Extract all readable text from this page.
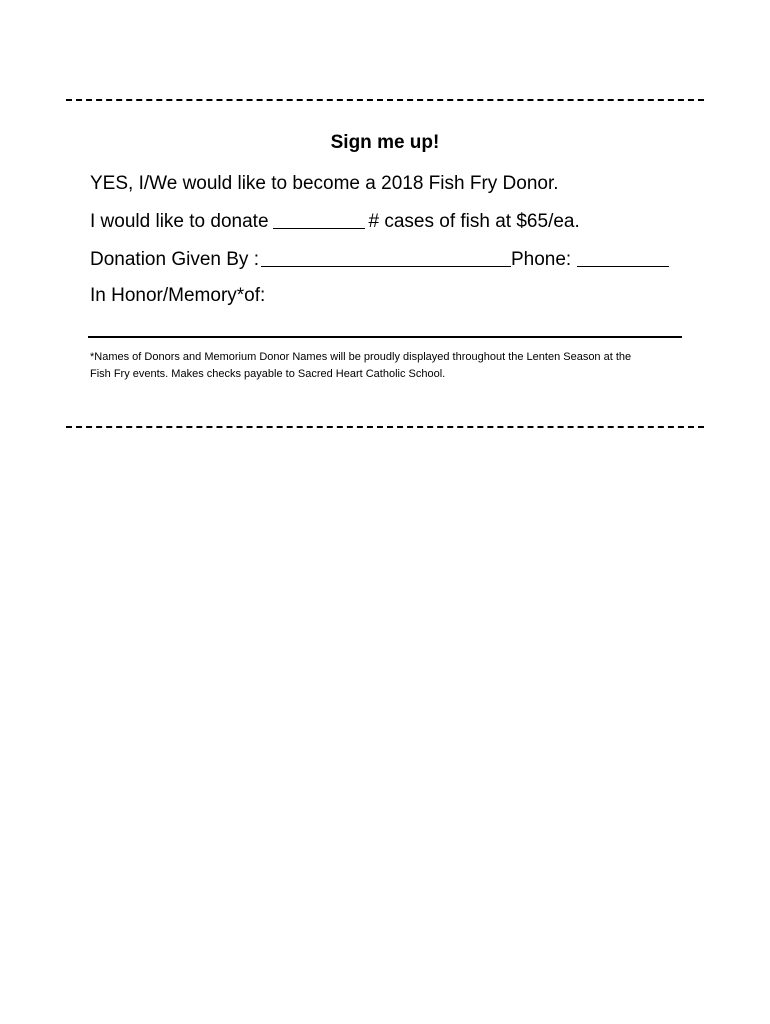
Sign me up!
YES, I/We would like to become a 2018 Fish Fry Donor.
I would like to donate	# cases of fish at $65/ea.
Donation Given By :	Phone:
In Honor/Memory*of:
*Names of Donors and Memorium Donor Names will be proudly displayed throughout the Lenten Season at the
Fish Fry events. Makes checks payable to Sacred Heart Catholic School.
